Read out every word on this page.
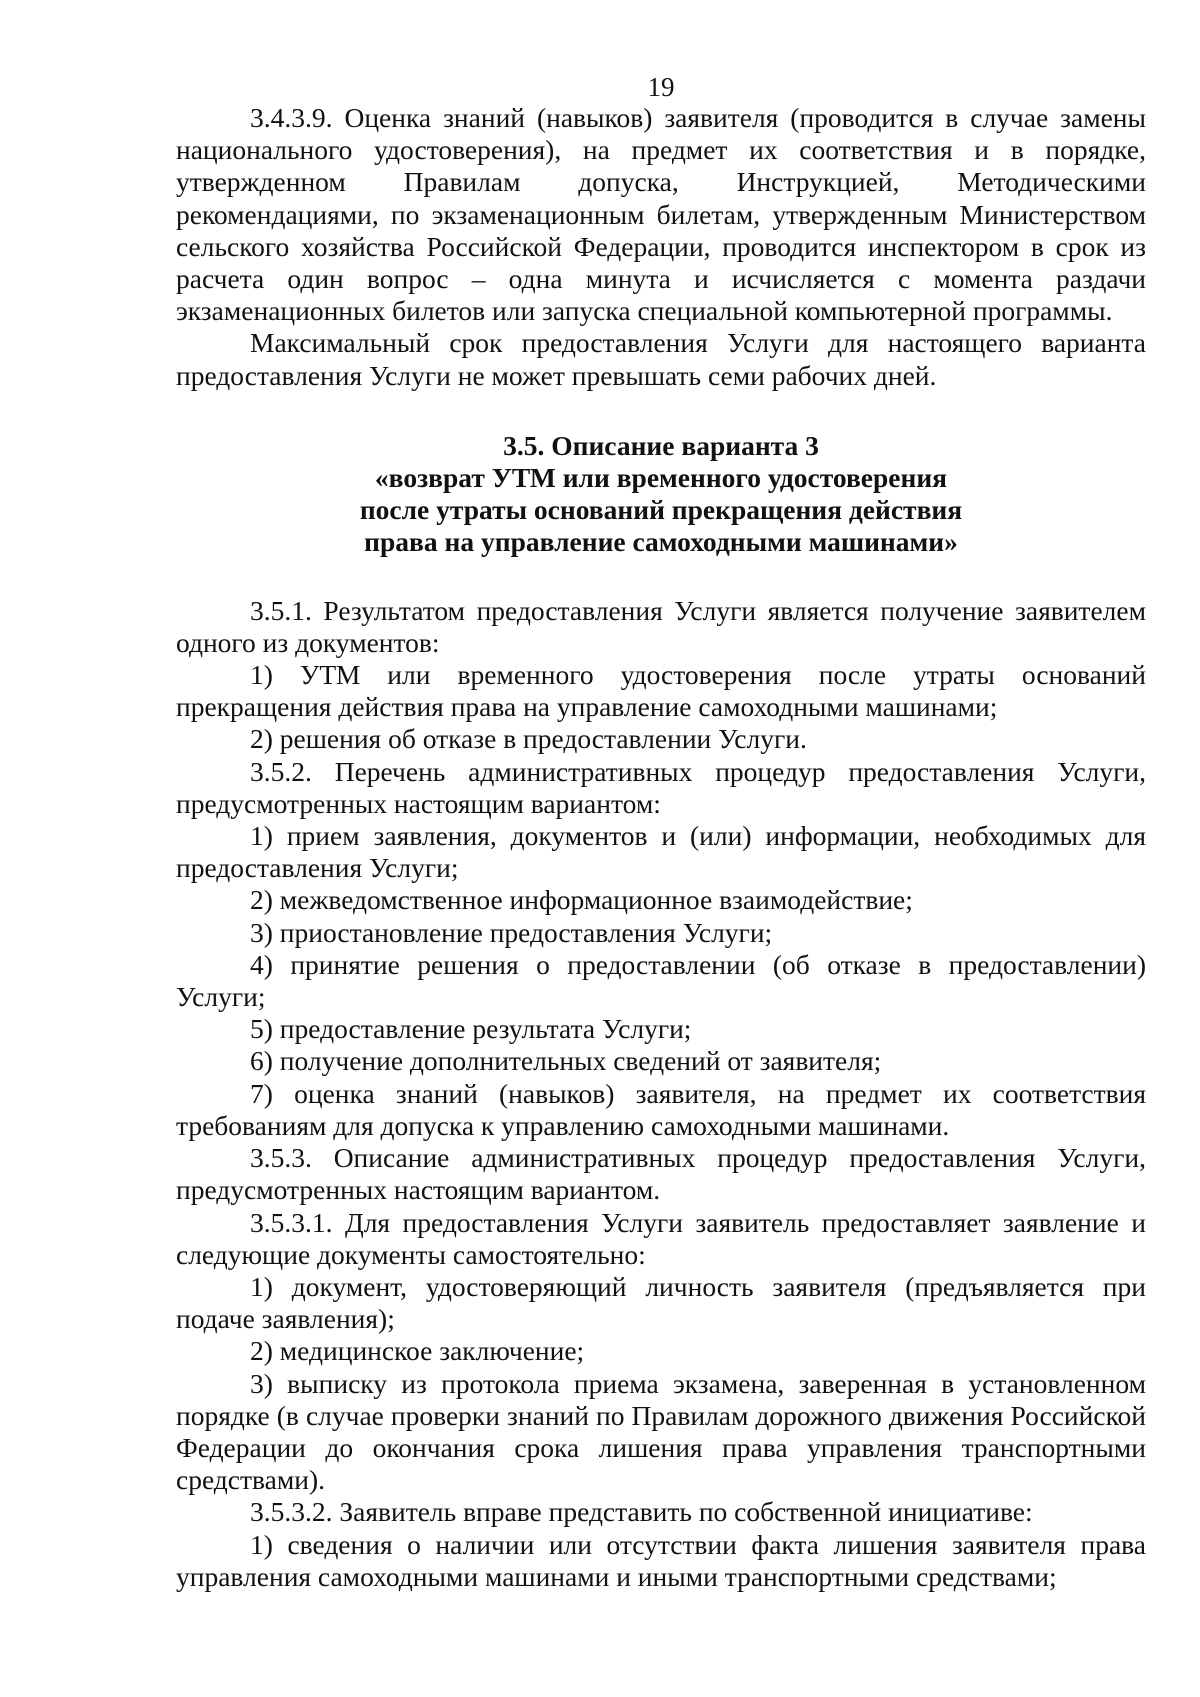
19

3.4.3.9. Оценка знаний (навыков) заявителя (проводится в случае замены национального удостоверения), на предмет их соответствия и в порядке, утвержденном Правилам допуска, Инструкцией, Методическими рекомендациями, по экзаменационным билетам, утвержденным Министерством сельского хозяйства Российской Федерации, проводится инспектором в срок из расчета один вопрос – одна минута и исчисляется с момента раздачи экзаменационных билетов или запуска специальной компьютерной программы.

Максимальный срок предоставления Услуги для настоящего варианта предоставления Услуги не может превышать семи рабочих дней.

3.5. Описание варианта 3
«возврат УТМ или временного удостоверения
после утраты оснований прекращения действия
права на управление самоходными машинами»

3.5.1. Результатом предоставления Услуги является получение заявителем одного из документов:

1) УТМ или временного удостоверения после утраты оснований прекращения действия права на управление самоходными машинами;

2) решения об отказе в предоставлении Услуги.

3.5.2. Перечень административных процедур предоставления Услуги, предусмотренных настоящим вариантом:

1) прием заявления, документов и (или) информации, необходимых для предоставления Услуги;

2) межведомственное информационное взаимодействие;

3) приостановление предоставления Услуги;

4) принятие решения о предоставлении (об отказе в предоставлении) Услуги;

5) предоставление результата Услуги;

6) получение дополнительных сведений от заявителя;

7) оценка знаний (навыков) заявителя, на предмет их соответствия требованиям для допуска к управлению самоходными машинами.

3.5.3. Описание административных процедур предоставления Услуги, предусмотренных настоящим вариантом.

3.5.3.1. Для предоставления Услуги заявитель предоставляет заявление и следующие документы самостоятельно:

1) документ, удостоверяющий личность заявителя (предъявляется при подаче заявления);

2) медицинское заключение;

3) выписку из протокола приема экзамена, заверенная в установленном порядке (в случае проверки знаний по Правилам дорожного движения Российской Федерации до окончания срока лишения права управления транспортными средствами).

3.5.3.2. Заявитель вправе представить по собственной инициативе:

1) сведения о наличии или отсутствии факта лишения заявителя права управления самоходными машинами и иными транспортными средствами;
